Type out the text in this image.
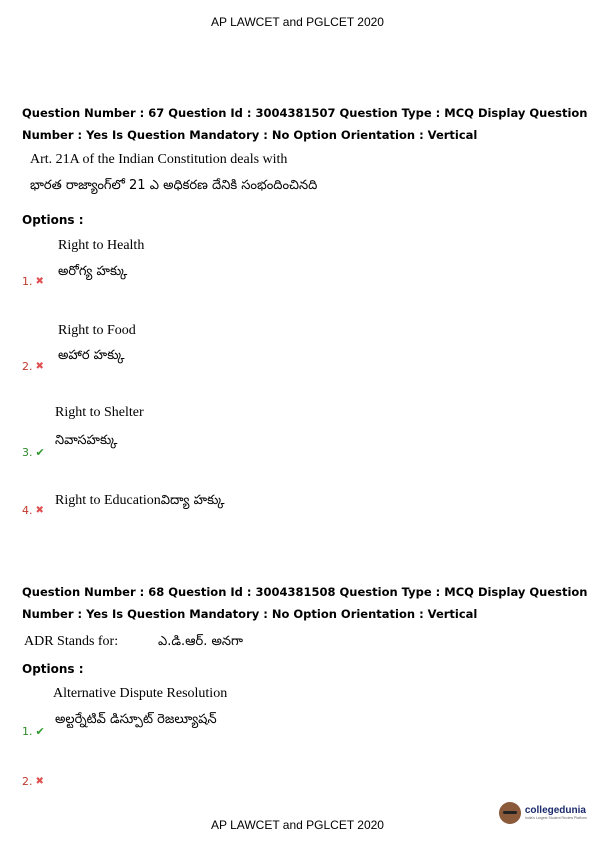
AP LAWCET and PGLCET 2020
Question Number : 67 Question Id : 3004381507 Question Type : MCQ Display Question
Number : Yes Is Question Mandatory : No Option Orientation : Vertical
Art. 21A of the Indian Constitution deals with
భారత రాజ్యాంగ్‌లో 21 ఎ అధికరణ దేనికి సంభందించినది
Options :
Right to Health
అరోగ్య హక్కు
1. ✖
Right to Food
అహార హక్కు
2. ✖
Right to Shelter
నివాసహక్కు
3. ✔
Right to Education విద్యా హక్కు
4. ✖
Question Number : 68 Question Id : 3004381508 Question Type : MCQ Display Question
Number : Yes Is Question Mandatory : No Option Orientation : Vertical
ADR Stands for:	ఎ.డి.ఆర్. అనగా
Options :
Alternative Dispute Resolution
అల్టర్నేటివ్ డిస్పూట్ రెజల్యూషన్
1. ✔
2. ✖
AP LAWCET and PGLCET 2020
collegedunia
India's Largest Student Review Platform
